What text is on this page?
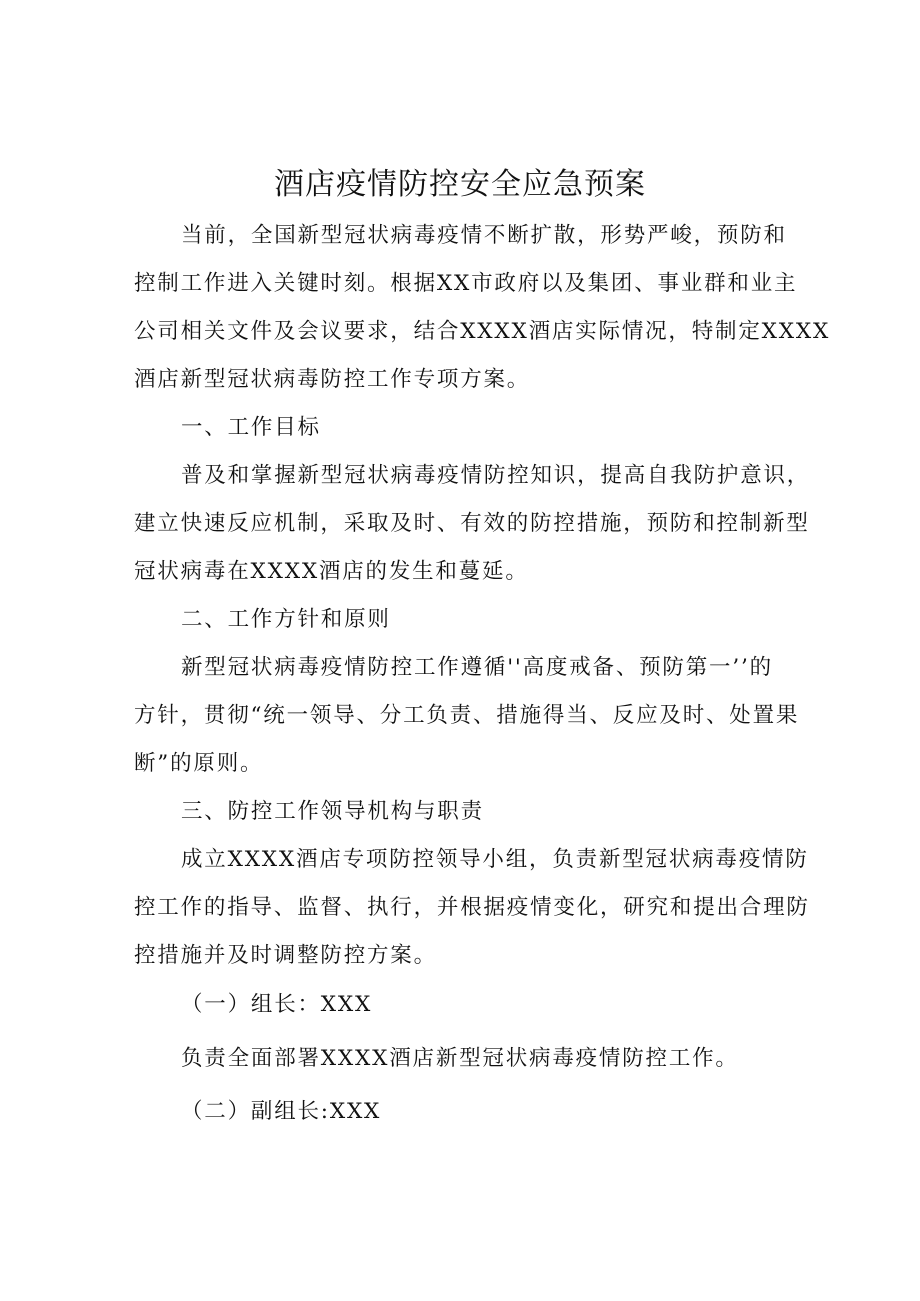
酒店疫情防控安全应急预案

当前，全国新型冠状病毒疫情不断扩散，形势严峻，预防和

控制工作进入关键时刻。根据XX市政府以及集团、事业群和业主

公司相关文件及会议要求，结合XXXX酒店实际情况，特制定XXXX

酒店新型冠状病毒防控工作专项方案。

一、工作目标

普及和掌握新型冠状病毒疫情防控知识，提高自我防护意识，

建立快速反应机制，采取及时、有效的防控措施，预防和控制新型

冠状病毒在XXXX酒店的发生和蔓延。

二、工作方针和原则

新型冠状病毒疫情防控工作遵循''高度戒备、预防第一’’的

方针，贯彻“统一领导、分工负责、措施得当、反应及时、处置果

断”的原则。

三、防控工作领导机构与职责

成立XXXX酒店专项防控领导小组，负责新型冠状病毒疫情防

控工作的指导、监督、执行，并根据疫情变化，研究和提出合理防

控措施并及时调整防控方案。

（一）组长：XXX

负责全面部署XXXX酒店新型冠状病毒疫情防控工作。

（二）副组长:XXX
